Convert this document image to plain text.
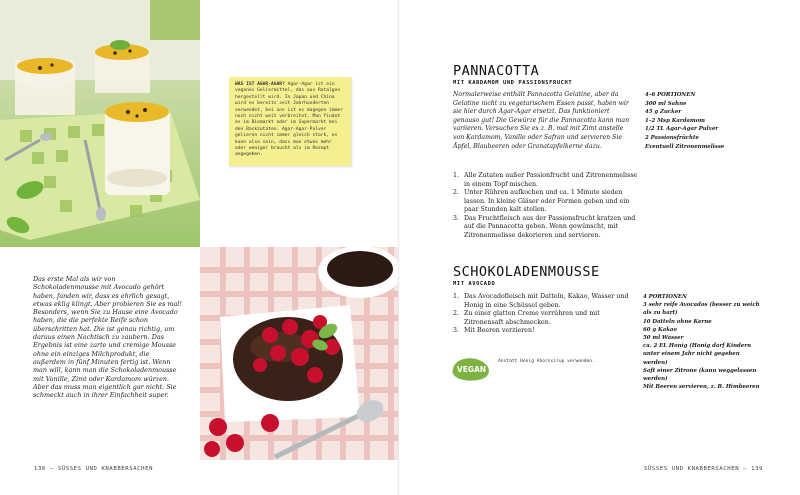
WAS IST AGAR-AGAR? Agar-Agar ist ein veganes Geliermittel, das aus Rotalgen hergestellt wird. In Japan und China wird es bereits seit Jahrhunderten verwendet, bei uns ist es dagegen immer noch nicht weit verbreitet. Man findet es im Biomarkt oder im Supermarkt bei den Backzutaten. Agar-Agar-Pulver gelieren nicht immer gleich stark, es kann also sein, dass man etwas mehr oder weniger braucht als im Rezept angegeben.
Das erste Mal als wir von Schokoladenmousse mit Avocado gehört haben, fanden wir, dass es ehrlich gesagt, etwas eklig klingt. Aber probieren Sie es mal! Besonders, wenn Sie zu Hause eine Avocado haben, die die perfekte Reife schon überschritten hat. Die ist genau richtig, um daraus einen Nachtisch zu zaubern. Das Ergebnis ist eine zarte und cremige Mousse ohne ein einziges Milchprodukt, die außerdem in fünf Minuten fertig ist. Wenn man will, kann man die Schokoladenmousse mit Vanille, Zimt oder Kardamom würzen. Aber das muss man eigentlich gar nicht. Sie schmeckt auch in ihrer Einfachheit super.
138 – SÜSSES UND KNABBERSACHEN
PANNACOTTA
MIT KARDAMOM UND PASSIONSFRUCHT
Normalerweise enthält Pannacotta Gelatine, aber da Gelatine nicht zu vegetarischem Essen passt, haben wir sie hier durch Agar-Agar ersetzt. Das funktioniert genauso gut! Die Gewürze für die Pannacotta kann man variieren. Versuchen Sie es z. B. mal mit Zimt anstelle von Kardamom, Vanille oder Safran und servieren Sie Äpfel, Blaubeeren oder Granatapfelkerne dazu.
4–6 PORTIONEN
300 ml Sahne
45 g Zucker
1–2 Msp Kardamom
1/2 TL Agar-Agar Pulver
2 Passionsfrüchte
Eventuell Zitronenmelisse
1. Alle Zutaten außer Passionfrucht und Zitronenmelisse in einem Topf mischen.
2. Unter Rühren aufkochen und ca. 1 Minute sieden lassen. In kleine Gläser oder Formen geben und ein paar Stunden kalt stellen.
3. Das Fruchtfleisch aus der Passionsfrucht kratzen und auf die Pannacotta geben. Wenn gewünscht, mit Zitronenmelisse dekorieren und servieren.
SCHOKOLADENMOUSSE
MIT AVOCADO
1. Das Avocadofleisch mit Datteln, Kakao, Wasser und Honig in eine Schüssel geben.
2. Zu einer glatten Creme verrühren und mit Zitronensaft abschmecken.
3. Mit Beeren verzieren!
4 PORTIONEN
3 sehr reife Avocados (besser zu weich als zu hart)
10 Datteln ohne Kerne
60 g Kakao
50 ml Wasser
ca. 2 EL Honig (Honig darf Kindern unter einem Jahr nicht gegeben werden)
Saft einer Zitrone (kann weggelassen werden)
Mit Beeren servieren, z. B. Himbeeren
VEGAN
Anstatt Honig Ahornsirup verwenden.
SÜSSES UND KNABBERSACHEN – 139
